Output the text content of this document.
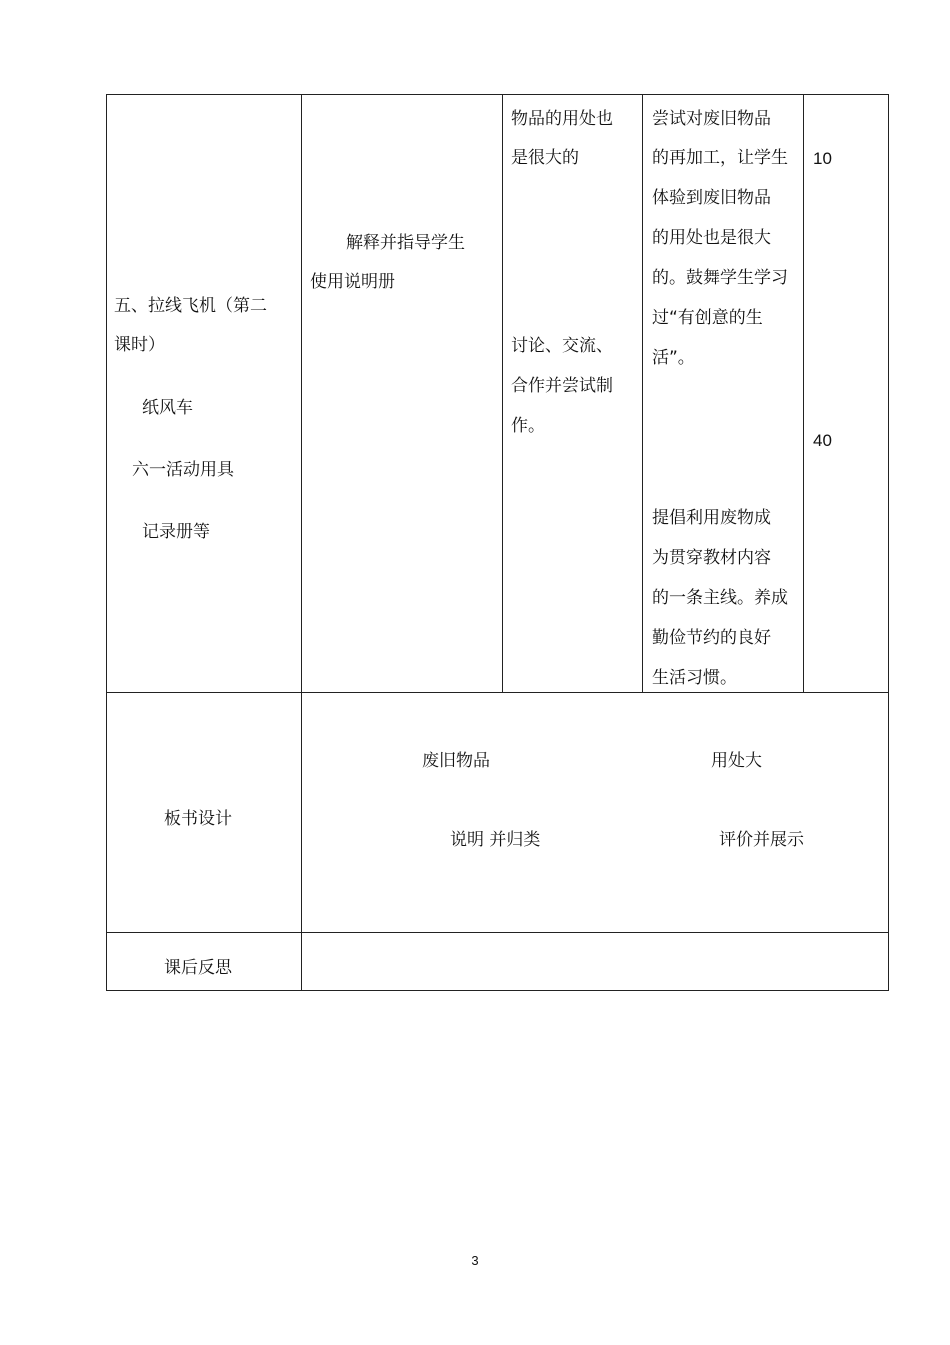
五、拉线飞机（第二
课时）
纸风车
六一活动用具
记录册等
解释并指导学生
使用说明册
物品的用处也
是很大的
讨论、交流、
合作并尝试制
作。
尝试对废旧物品
的再加工，让学生
体验到废旧物品
的用处也是很大
的。鼓舞学生学习
过“有创意的生
活”。
提倡利用废物成
为贯穿教材内容
的一条主线。养成
勤俭节约的良好
生活习惯。
10
40
板书设计
废旧物品	用处大
说明 并归类	评价并展示
课后反思
3
